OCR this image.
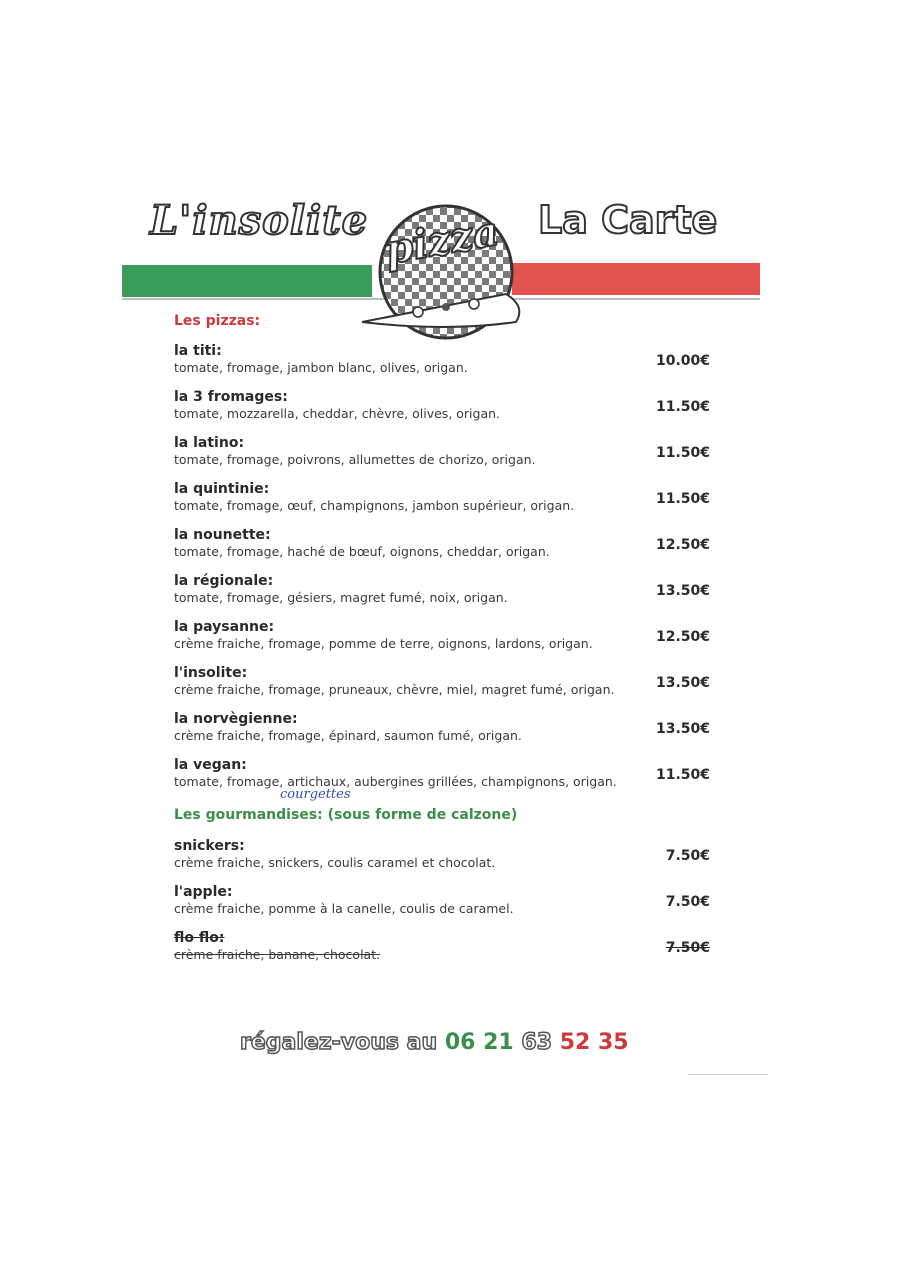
L'insolite pizza La Carte
Les pizzas:
la titi:
tomate, fromage, jambon blanc, olives, origan.	10.00€
la 3 fromages:
tomate, mozzarella, cheddar, chèvre, olives, origan.	11.50€
la latino:
tomate, fromage, poivrons, allumettes de chorizo, origan.	11.50€
la quintinie:
tomate, fromage, œuf, champignons, jambon supérieur, origan.	11.50€
la nounette:
tomate, fromage, haché de bœuf, oignons, cheddar, origan.	12.50€
la régionale:
tomate, fromage, gésiers, magret fumé, noix, origan.	13.50€
la paysanne:
crème fraiche, fromage, pomme de terre, oignons, lardons, origan.	12.50€
l'insolite:
crème fraiche, fromage, pruneaux, chèvre, miel, magret fumé, origan.	13.50€
la norvègienne:
crème fraiche, fromage, épinard, saumon fumé, origan.	13.50€
la vegan:
tomate, fromage, artichaux, aubergines grillées, champignons, origan.	11.50€
courgettes
Les gourmandises: (sous forme de calzone)
snickers:
crème fraiche, snickers, coulis caramel et chocolat.	7.50€
l'apple:
crème fraiche, pomme à la canelle, coulis de caramel.	7.50€
flo flo:
crème fraiche, banane, chocolat.	7.50€
régalez-vous au 06 21 63 52 35
